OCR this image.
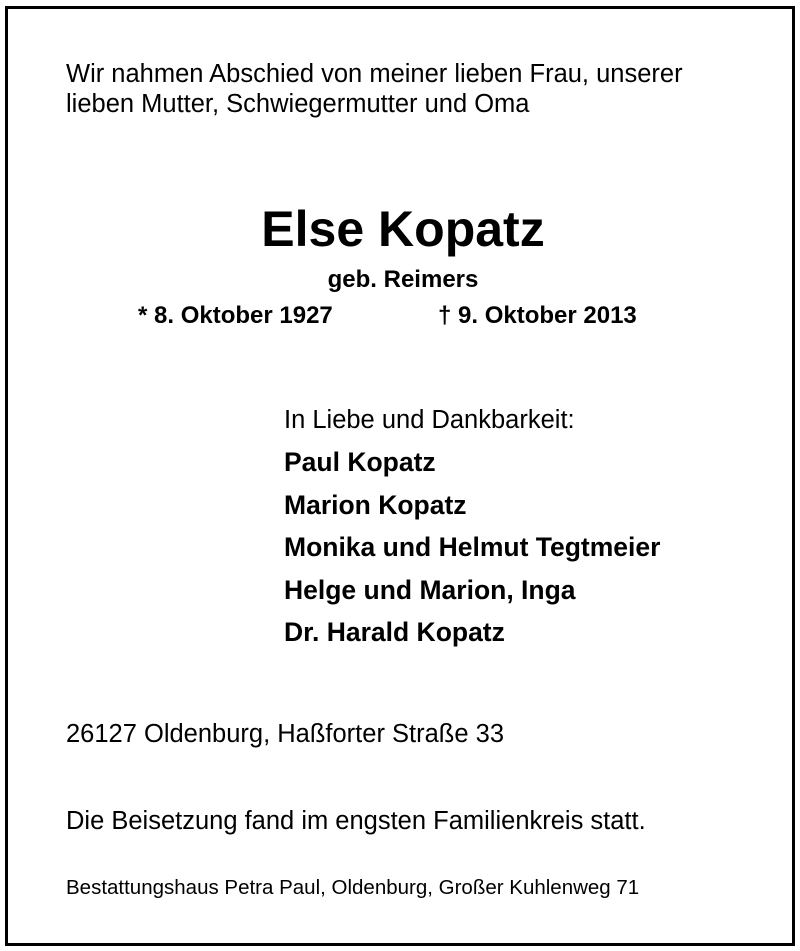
Wir nahmen Abschied von meiner lieben Frau, unserer
lieben Mutter, Schwiegermutter und Oma
Else Kopatz
geb. Reimers
* 8. Oktober 1927	† 9. Oktober 2013
In Liebe und Dankbarkeit:
Paul Kopatz
Marion Kopatz
Monika und Helmut Tegtmeier
Helge und Marion, Inga
Dr. Harald Kopatz
26127 Oldenburg, Haßforter Straße 33
Die Beisetzung fand im engsten Familienkreis statt.
Bestattungshaus Petra Paul, Oldenburg, Großer Kuhlenweg 71
